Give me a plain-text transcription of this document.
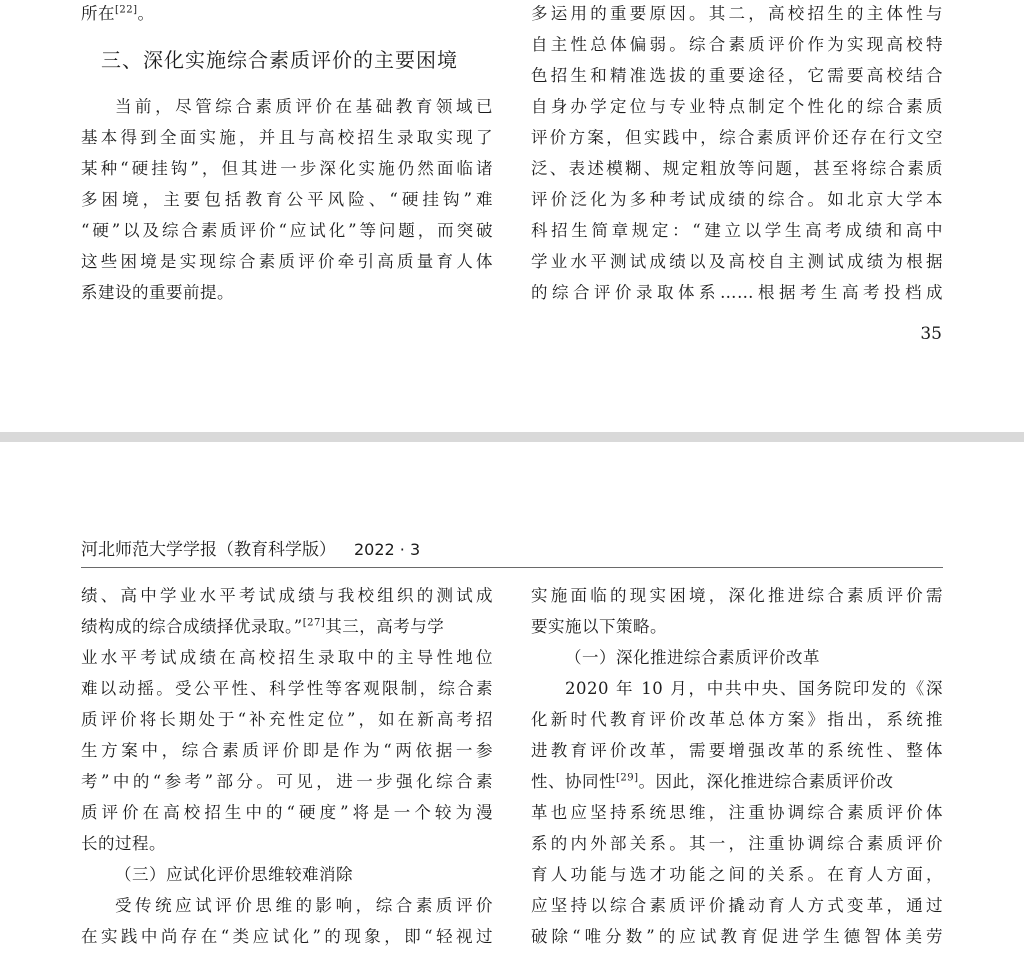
所在[22]。
三、深化实施综合素质评价的主要困境
当前，尽管综合素质评价在基础教育领域已
基本得到全面实施，并且与高校招生录取实现了
某种“硬挂钩”，但其进一步深化实施仍然面临诸
多困境，主要包括教育公平风险、“硬挂钩”难
“硬”以及综合素质评价“应试化”等问题，而突破
这些困境是实现综合素质评价牵引高质量育人体
系建设的重要前提。
多运用的重要原因。其二，高校招生的主体性与
自主性总体偏弱。综合素质评价作为实现高校特
色招生和精准选拔的重要途径，它需要高校结合
自身办学定位与专业特点制定个性化的综合素质
评价方案，但实践中，综合素质评价还存在行文空
泛、表述模糊、规定粗放等问题，甚至将综合素质
评价泛化为多种考试成绩的综合。如北京大学本
科招生简章规定：“建立以学生高考成绩和高中
学业水平测试成绩以及高校自主测试成绩为根据
的综合评价录取体系……根据考生高考投档成
35
河北师范大学学报（教育科学版） 2022 · 3
绩、高中学业水平考试成绩与我校组织的测试成
绩构成的综合成绩择优录取。”[27]其三，高考与学
业水平考试成绩在高校招生录取中的主导性地位
难以动摇。受公平性、科学性等客观限制，综合素
质评价将长期处于“补充性定位”，如在新高考招
生方案中，综合素质评价即是作为“两依据一参
考”中的“参考”部分。可见，进一步强化综合素
质评价在高校招生中的“硬度”将是一个较为漫
长的过程。
（三）应试化评价思维较难消除
受传统应试评价思维的影响，综合素质评价
在实践中尚存在“类应试化”的现象，即“轻视过
实施面临的现实困境，深化推进综合素质评价需
要实施以下策略。
（一）深化推进综合素质评价改革
2020 年 10 月，中共中央、国务院印发的《深
化新时代教育评价改革总体方案》指出，系统推
进教育评价改革，需要增强改革的系统性、整体
性、协同性[29]。因此，深化推进综合素质评价改
革也应坚持系统思维，注重协调综合素质评价体
系的内外部关系。其一，注重协调综合素质评价
育人功能与选才功能之间的关系。在育人方面，
应坚持以综合素质评价撬动育人方式变革，通过
破除“唯分数”的应试教育促进学生德智体美劳
